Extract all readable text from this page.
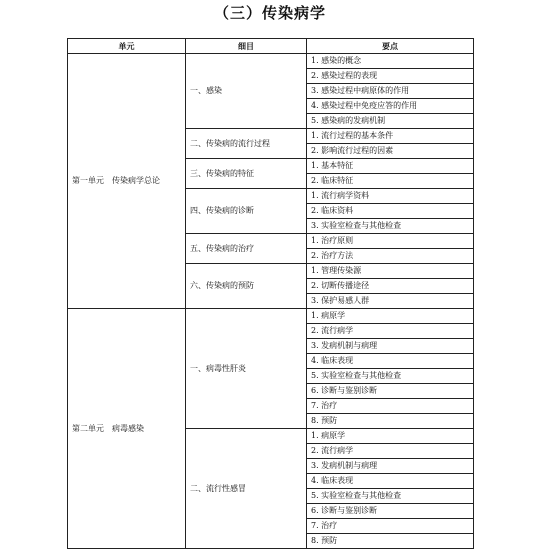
（三）传染病学
单元	细目	要点
第一单元　传染病学总论	一、感染	1. 感染的概念
		2. 感染过程的表现
		3. 感染过程中病原体的作用
		4. 感染过程中免疫应答的作用
		5. 感染病的发病机制
	二、传染病的流行过程	1. 流行过程的基本条件
		2. 影响流行过程的因素
	三、传染病的特征	1. 基本特征
		2. 临床特征
	四、传染病的诊断	1. 流行病学资料
		2. 临床资料
		3. 实验室检查与其他检查
	五、传染病的治疗	1. 治疗原则
		2. 治疗方法
	六、传染病的预防	1. 管理传染源
		2. 切断传播途径
		3. 保护易感人群
第二单元　病毒感染	一、病毒性肝炎	1. 病原学
		2. 流行病学
		3. 发病机制与病理
		4. 临床表现
		5. 实验室检查与其他检查
		6. 诊断与鉴别诊断
		7. 治疗
		8. 预防
	二、流行性感冒	1. 病原学
		2. 流行病学
		3. 发病机制与病理
		4. 临床表现
		5. 实验室检查与其他检查
		6. 诊断与鉴别诊断
		7. 治疗
		8. 预防
